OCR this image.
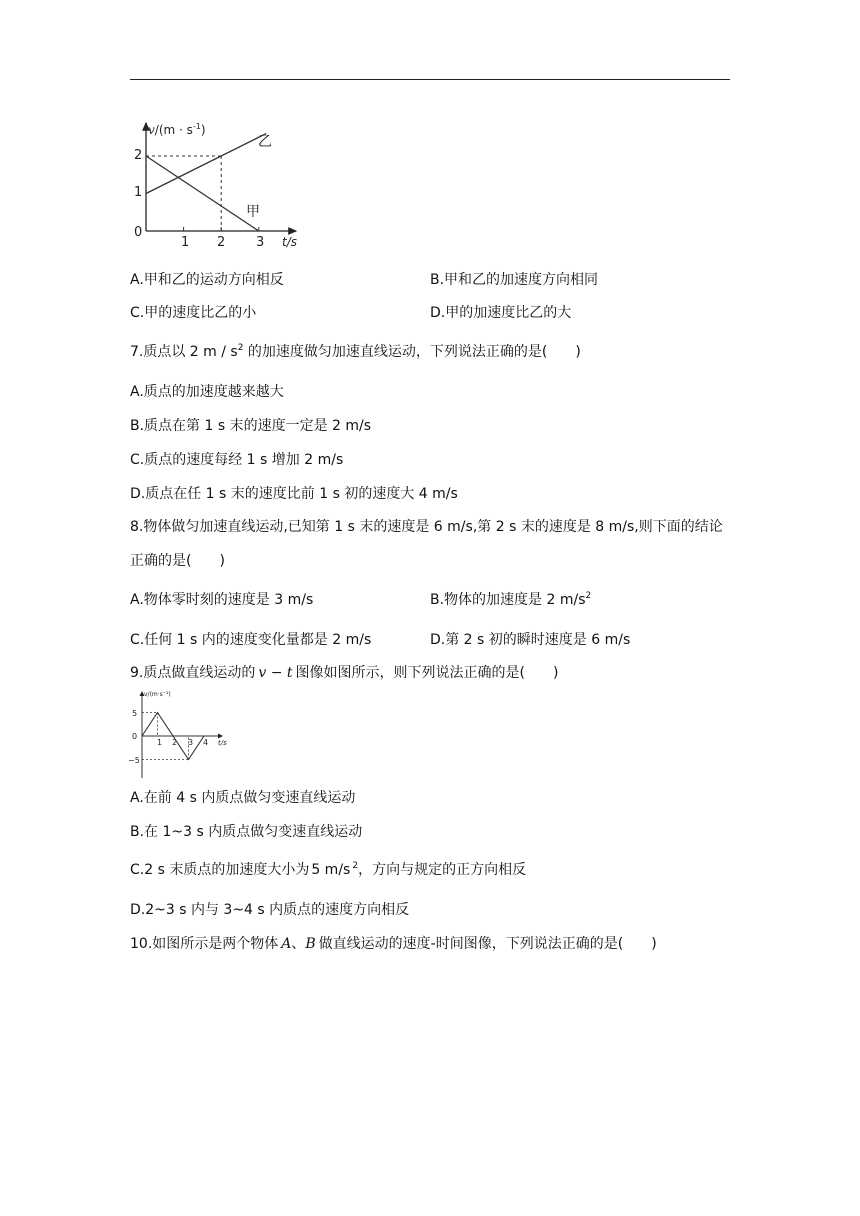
$v/(m \cdot s^{-1})$
t/s
0
1
2
1 2 3
乙
甲
A.甲和乙的运动方向相反	B.甲和乙的加速度方向相同
C.甲的速度比乙的小	D.甲的加速度比乙的大
7.质点以 2 m / $s^2$ 的加速度做匀加速直线运动，下列说法正确的是(　　)
A.质点的加速度越来越大
B.质点在第 1 s 末的速度一定是 2 m/s
C.质点的速度每经 1 s 增加 2 m/s
D.质点在任 1 s 末的速度比前 1 s 初的速度大 4 m/s
8.物体做匀加速直线运动,已知第 1 s 末的速度是 6 m/s,第 2 s 末的速度是 8 m/s,则下面的结论
正确的是(　　)
A.物体零时刻的速度是 3 m/s	B.物体的加速度是 2 $m/s^2$
C.任何 1 s 内的速度变化量都是 2 m/s	D.第 2 s 初的瞬时速度是 6 m/s
9.质点做直线运动的 v − t 图像如图所示，则下列说法正确的是(　　)
v/(m·s⁻¹)
t/s
5
0
−5
1 2 3 4
A.在前 4 s 内质点做匀变速直线运动
B.在 1~3 s 内质点做匀变速直线运动
C.2 s 末质点的加速度大小为 5 m/s $^2$，方向与规定的正方向相反
D.2~3 s 内与 3~4 s 内质点的速度方向相反
10.如图所示是两个物体 A、B 做直线运动的速度-时间图像，下列说法正确的是(　　)
